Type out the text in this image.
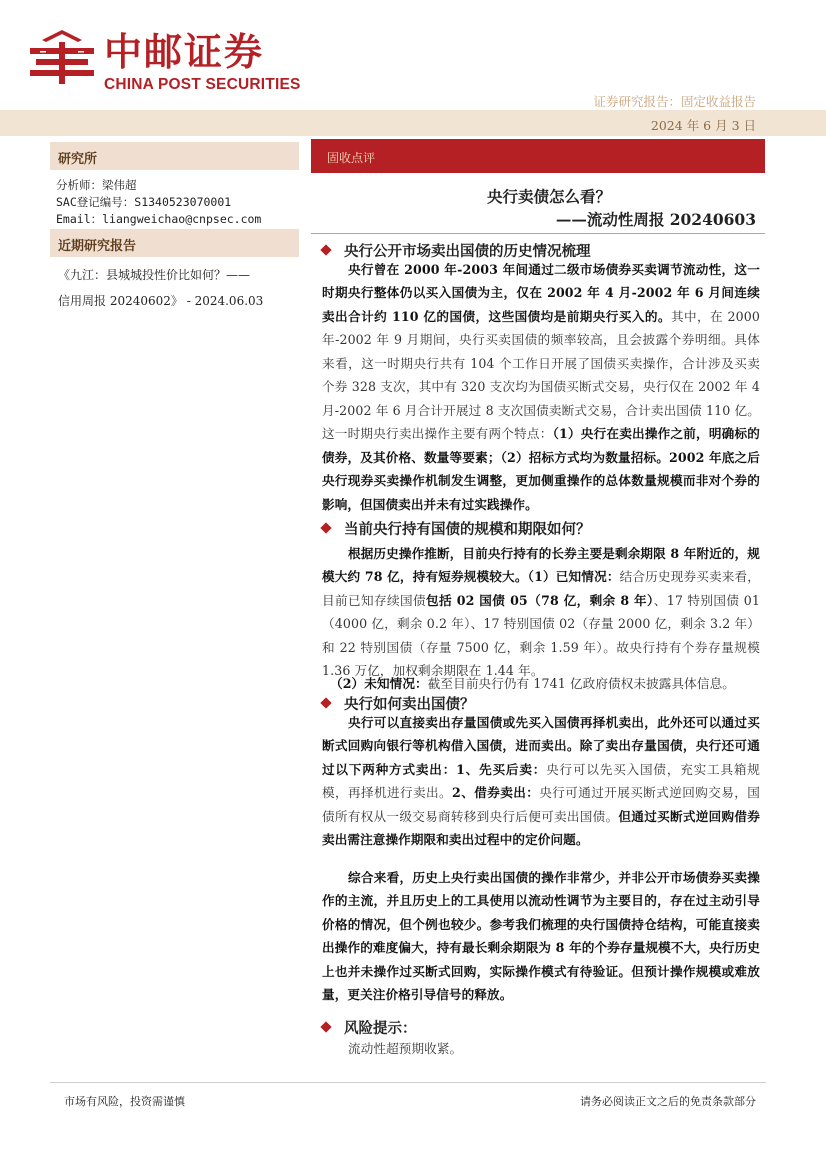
中邮证券
CHINA POST SECURITIES
证券研究报告：固定收益报告
2024 年 6 月 3 日
研究所
分析师：梁伟超
SAC登记编号：S1340523070001
Email：liangweichao@cnpsec.com
近期研究报告
《九江：县城城投性价比如何？——
信用周报 20240602》 - 2024.06.03
固收点评
央行卖债怎么看？
——流动性周报 20240603
央行公开市场卖出国债的历史情况梳理
央行曾在 2000 年-2003 年间通过二级市场债券买卖调节流动性，这一时期央行整体仍以买入国债为主，仅在 2002 年 4 月-2002 年 6 月间连续卖出合计约 110 亿的国债，这些国债均是前期央行买入的。其中，在 2000 年-2002 年 9 月期间，央行买卖国债的频率较高，且会披露个券明细。具体来看，这一时期央行共有 104 个工作日开展了国债买卖操作，合计涉及买卖个券 328 支次，其中有 320 支次均为国债买断式交易，央行仅在 2002 年 4 月-2002 年 6 月合计开展过 8 支次国债卖断式交易，合计卖出国债 110 亿。这一时期央行卖出操作主要有两个特点：（1）央行在卖出操作之前，明确标的债券，及其价格、数量等要素；（2）招标方式均为数量招标。2002 年底之后央行现券买卖操作机制发生调整，更加侧重操作的总体数量规模而非对个券的影响，但国债卖出并未有过实践操作。
当前央行持有国债的规模和期限如何？
根据历史操作推断，目前央行持有的长券主要是剩余期限 8 年附近的，规模大约 78 亿，持有短券规模较大。（1）已知情况：结合历史现券买卖来看，目前已知存续国债包括 02 国债 05（78 亿，剩余 8 年）、17 特别国债 01（4000 亿，剩余 0.2 年）、17 特别国债 02（存量 2000 亿，剩余 3.2 年）和 22 特别国债（存量 7500 亿，剩余 1.59 年）。故央行持有个券存量规模 1.36 万亿，加权剩余期限在 1.44 年。
（2）未知情况：截至目前央行仍有 1741 亿政府债权未披露具体信息。
央行如何卖出国债？
央行可以直接卖出存量国债或先买入国债再择机卖出，此外还可以通过买断式回购向银行等机构借入国债，进而卖出。除了卖出存量国债，央行还可通过以下两种方式卖出：1、先买后卖：央行可以先买入国债，充实工具箱规模，再择机进行卖出。2、借券卖出：央行可通过开展买断式逆回购交易，国债所有权从一级交易商转移到央行后便可卖出国债。但通过买断式逆回购借券卖出需注意操作期限和卖出过程中的定价问题。
综合来看，历史上央行卖出国债的操作非常少，并非公开市场债券买卖操作的主流，并且历史上的工具使用以流动性调节为主要目的，存在过主动引导价格的情况，但个例也较少。参考我们梳理的央行国债持仓结构，可能直接卖出操作的难度偏大，持有最长剩余期限为 8 年的个券存量规模不大，央行历史上也并未操作过买断式回购，实际操作模式有待验证。但预计操作规模或难放量，更关注价格引导信号的释放。
风险提示：
流动性超预期收紧。
市场有风险，投资需谨慎	请务必阅读正文之后的免责条款部分
